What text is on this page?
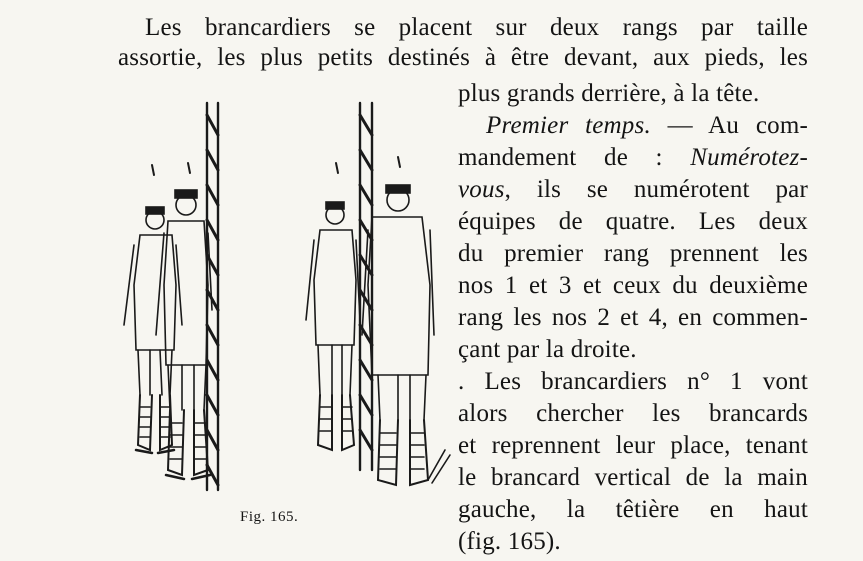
Les brancardiers se placent sur deux rangs par taille
assortie, les plus petits destinés à être devant, aux pieds, les
plus grands derrière, à la tête.
Premier temps. — Au com-
mandement de : Numérotez-
vous, ils se numérotent par
équipes de quatre. Les deux
du premier rang prennent les
nos 1 et 3 et ceux du deuxième
rang les nos 2 et 4, en commen-
çant par la droite.
. Les brancardiers n° 1 vont
alors chercher les brancards
et reprennent leur place, tenant
le brancard vertical de la main
gauche, la têtière en haut
(fig. 165).
Fig. 165.
